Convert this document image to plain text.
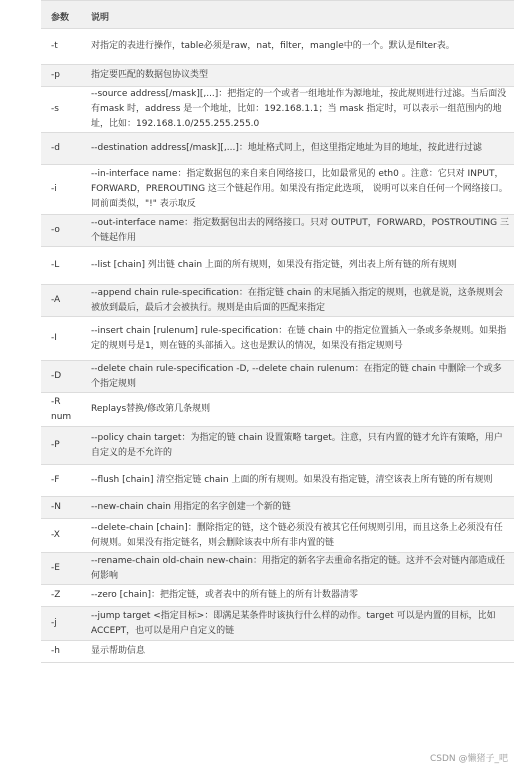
参数	说明
-t	对指定的表进行操作，table必须是raw，nat，filter，mangle中的一个。默认是filter表。
-p	指定要匹配的数据包协议类型
-s	--source address[/mask][,...]：把指定的一个或者一组地址作为源地址，按此规则进行过滤。当后面没有mask 时，address 是一个地址，比如：192.168.1.1；当 mask 指定时，可以表示一组范围内的地址，比如：192.168.1.0/255.255.255.0
-d	--destination address[/mask][,...]：地址格式同上，但这里指定地址为目的地址，按此进行过滤
-i	--in-interface name：指定数据包的来自来自网络接口，比如最常见的 eth0 。注意：它只对 INPUT，FORWARD，PREROUTING 这三个链起作用。如果没有指定此选项， 说明可以来自任何一个网络接口。同前面类似，"!" 表示取反
-o	--out-interface name：指定数据包出去的网络接口。只对 OUTPUT，FORWARD，POSTROUTING 三个链起作用
-L	--list [chain] 列出链 chain 上面的所有规则，如果没有指定链，列出表上所有链的所有规则
-A	--append chain rule-specification：在指定链 chain 的末尾插入指定的规则，也就是说，这条规则会被放到最后，最后才会被执行。规则是由后面的匹配来指定
-I	--insert chain [rulenum] rule-specification：在链 chain 中的指定位置插入一条或多条规则。如果指定的规则号是1，则在链的头部插入。这也是默认的情况，如果没有指定规则号
-D	--delete chain rule-specification -D, --delete chain rulenum：在指定的链 chain 中删除一个或多个指定规则
-R num	Replays替换/修改第几条规则
-P	--policy chain target：为指定的链 chain 设置策略 target。注意，只有内置的链才允许有策略，用户自定义的是不允许的
-F	--flush [chain] 清空指定链 chain 上面的所有规则。如果没有指定链，清空该表上所有链的所有规则
-N	--new-chain chain 用指定的名字创建一个新的链
-X	--delete-chain [chain]：删除指定的链，这个链必须没有被其它任何规则引用，而且这条上必须没有任何规则。如果没有指定链名，则会删除该表中所有非内置的链
-E	--rename-chain old-chain new-chain：用指定的新名字去重命名指定的链。这并不会对链内部造成任何影响
-Z	--zero [chain]：把指定链，或者表中的所有链上的所有计数器清零
-j	--jump target <指定目标>：即满足某条件时该执行什么样的动作。target 可以是内置的目标，比如 ACCEPT，也可以是用户自定义的链
-h	显示帮助信息
CSDN @懒猪子_吧
